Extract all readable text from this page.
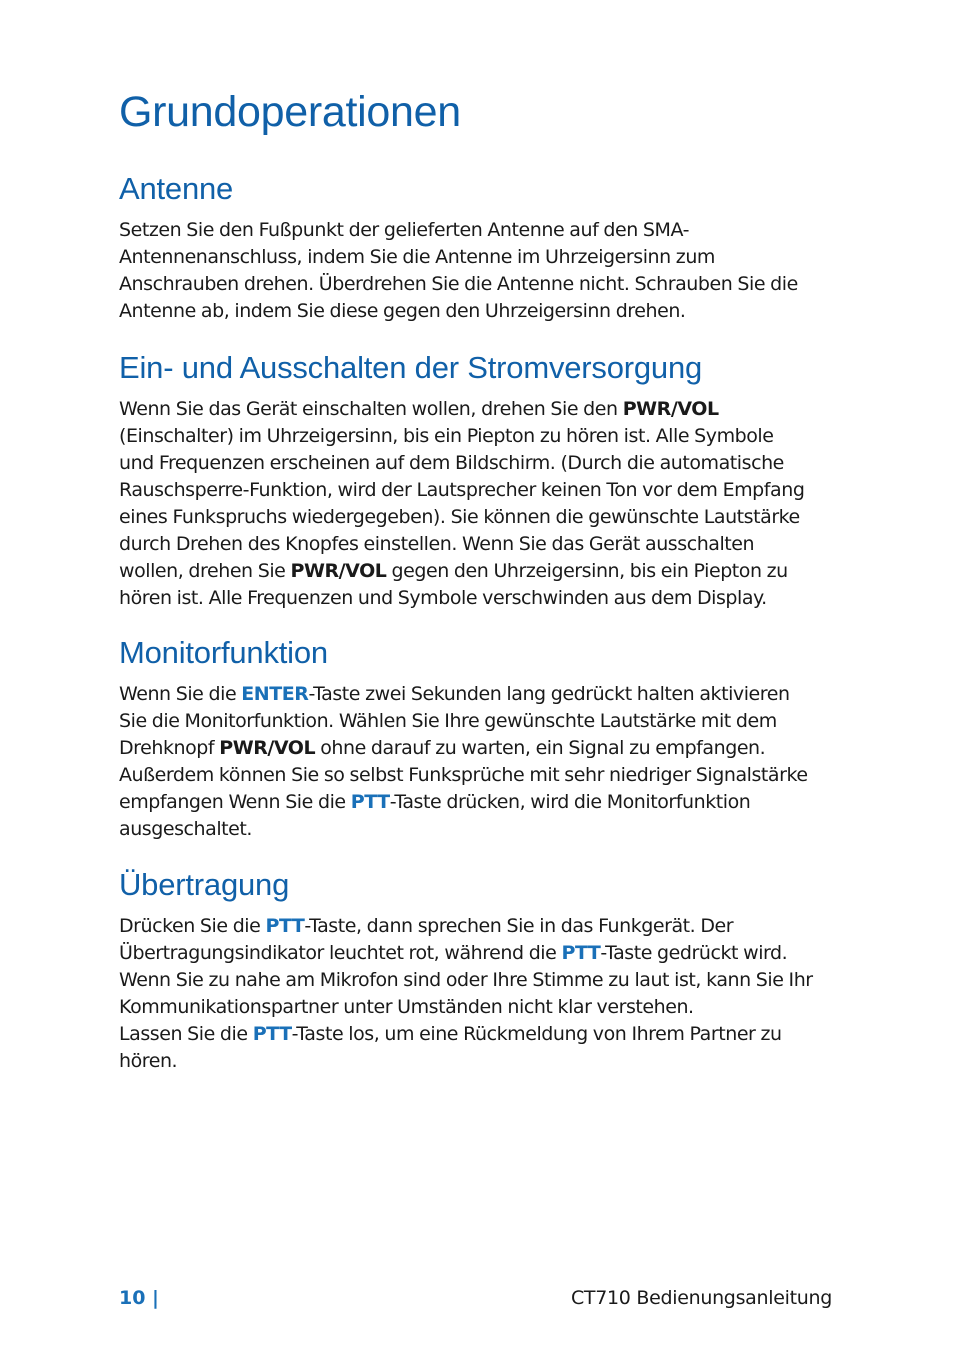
Grundoperationen
Antenne
Setzen Sie den Fußpunkt der gelieferten Antenne auf den SMA-
Antennenanschluss, indem Sie die Antenne im Uhrzeigersinn zum
Anschrauben drehen. Überdrehen Sie die Antenne nicht. Schrauben Sie die
Antenne ab, indem Sie diese gegen den Uhrzeigersinn drehen.
Ein- und Ausschalten der Stromversorgung
Wenn Sie das Gerät einschalten wollen, drehen Sie den PWR/VOL
(Einschalter) im Uhrzeigersinn, bis ein Piepton zu hören ist. Alle Symbole
und Frequenzen erscheinen auf dem Bildschirm. (Durch die automatische
Rauschsperre-Funktion, wird der Lautsprecher keinen Ton vor dem Empfang
eines Funkspruchs wiedergegeben). Sie können die gewünschte Lautstärke
durch Drehen des Knopfes einstellen. Wenn Sie das Gerät ausschalten
wollen, drehen Sie PWR/VOL gegen den Uhrzeigersinn, bis ein Piepton zu
hören ist. Alle Frequenzen und Symbole verschwinden aus dem Display.
Monitorfunktion
Wenn Sie die ENTER-Taste zwei Sekunden lang gedrückt halten aktivieren
Sie die Monitorfunktion. Wählen Sie Ihre gewünschte Lautstärke mit dem
Drehknopf PWR/VOL ohne darauf zu warten, ein Signal zu empfangen.
Außerdem können Sie so selbst Funksprüche mit sehr niedriger Signalstärke
empfangen Wenn Sie die PTT-Taste drücken, wird die Monitorfunktion
ausgeschaltet.
Übertragung
Drücken Sie die PTT-Taste, dann sprechen Sie in das Funkgerät. Der
Übertragungsindikator leuchtet rot, während die PTT-Taste gedrückt wird.
Wenn Sie zu nahe am Mikrofon sind oder Ihre Stimme zu laut ist, kann Sie Ihr
Kommunikationspartner unter Umständen nicht klar verstehen.
Lassen Sie die PTT-Taste los, um eine Rückmeldung von Ihrem Partner zu
hören.
10 |	CT710 Bedienungsanleitung
